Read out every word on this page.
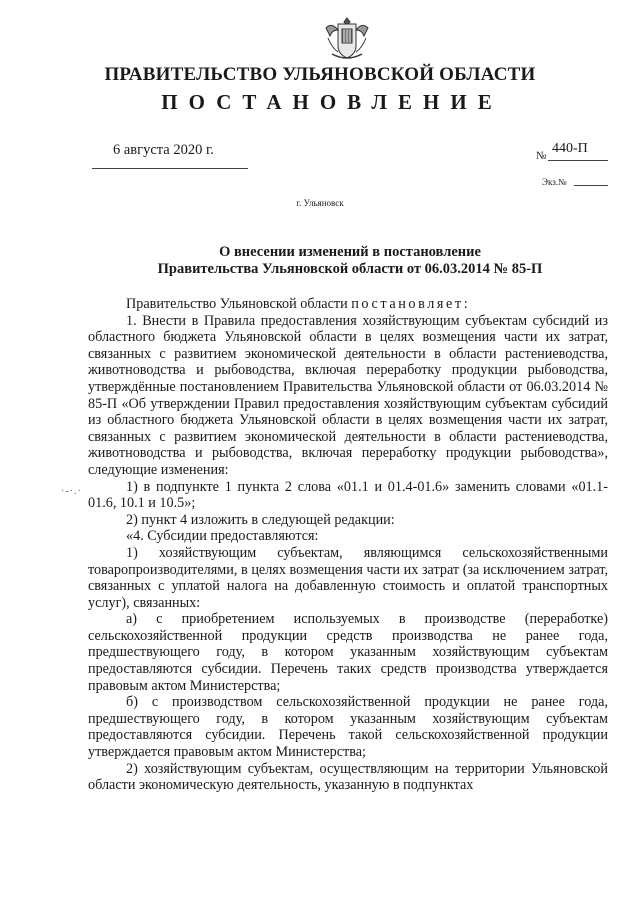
ПРАВИТЕЛЬСТВО УЛЬЯНОВСКОЙ ОБЛАСТИ
ПОСТАНОВЛЕНИЕ
6 августа 2020 г.	440-П
№
Экз.№
г. Ульяновск
О внесении изменений в постановление
Правительства Ульяновской области от 06.03.2014 № 85-П
·-·.·

Правительство Ульяновской области постановляет:

1. Внести в Правила предоставления хозяйствующим субъектам субсидий из областного бюджета Ульяновской области в целях возмещения части их затрат, связанных с развитием экономической деятельности в области растениеводства, животноводства и рыбоводства, включая переработку продукции рыбоводства, утверждённые постановлением Правительства Ульяновской области от 06.03.2014 № 85-П «Об утверждении Правил предоставления хозяйствующим субъектам субсидий из областного бюджета Ульяновской области в целях возмещения части их затрат, связанных с развитием экономической деятельности в области растениеводства, животноводства и рыбоводства, включая переработку продукции рыбоводства», следующие изменения:

1) в подпункте 1 пункта 2 слова «01.1 и 01.4-01.6» заменить словами «01.1-01.6, 10.1 и 10.5»;

2) пункт 4 изложить в следующей редакции:

«4. Субсидии предоставляются:

1) хозяйствующим субъектам, являющимся сельскохозяйственными товаропроизводителями, в целях возмещения части их затрат (за исключением затрат, связанных с уплатой налога на добавленную стоимость и оплатой транспортных услуг), связанных:

а) с приобретением используемых в производстве (переработке) сельскохозяйственной продукции средств производства не ранее года, предшествующего году, в котором указанным хозяйствующим субъектам предоставляются субсидии. Перечень таких средств производства утверждается правовым актом Министерства;

б) с производством сельскохозяйственной продукции не ранее года, предшествующего году, в котором указанным хозяйствующим субъектам предоставляются субсидии. Перечень такой сельскохозяйственной продукции утверждается правовым актом Министерства;

2) хозяйствующим субъектам, осуществляющим на территории Ульяновской области экономическую деятельность, указанную в подпунктах
